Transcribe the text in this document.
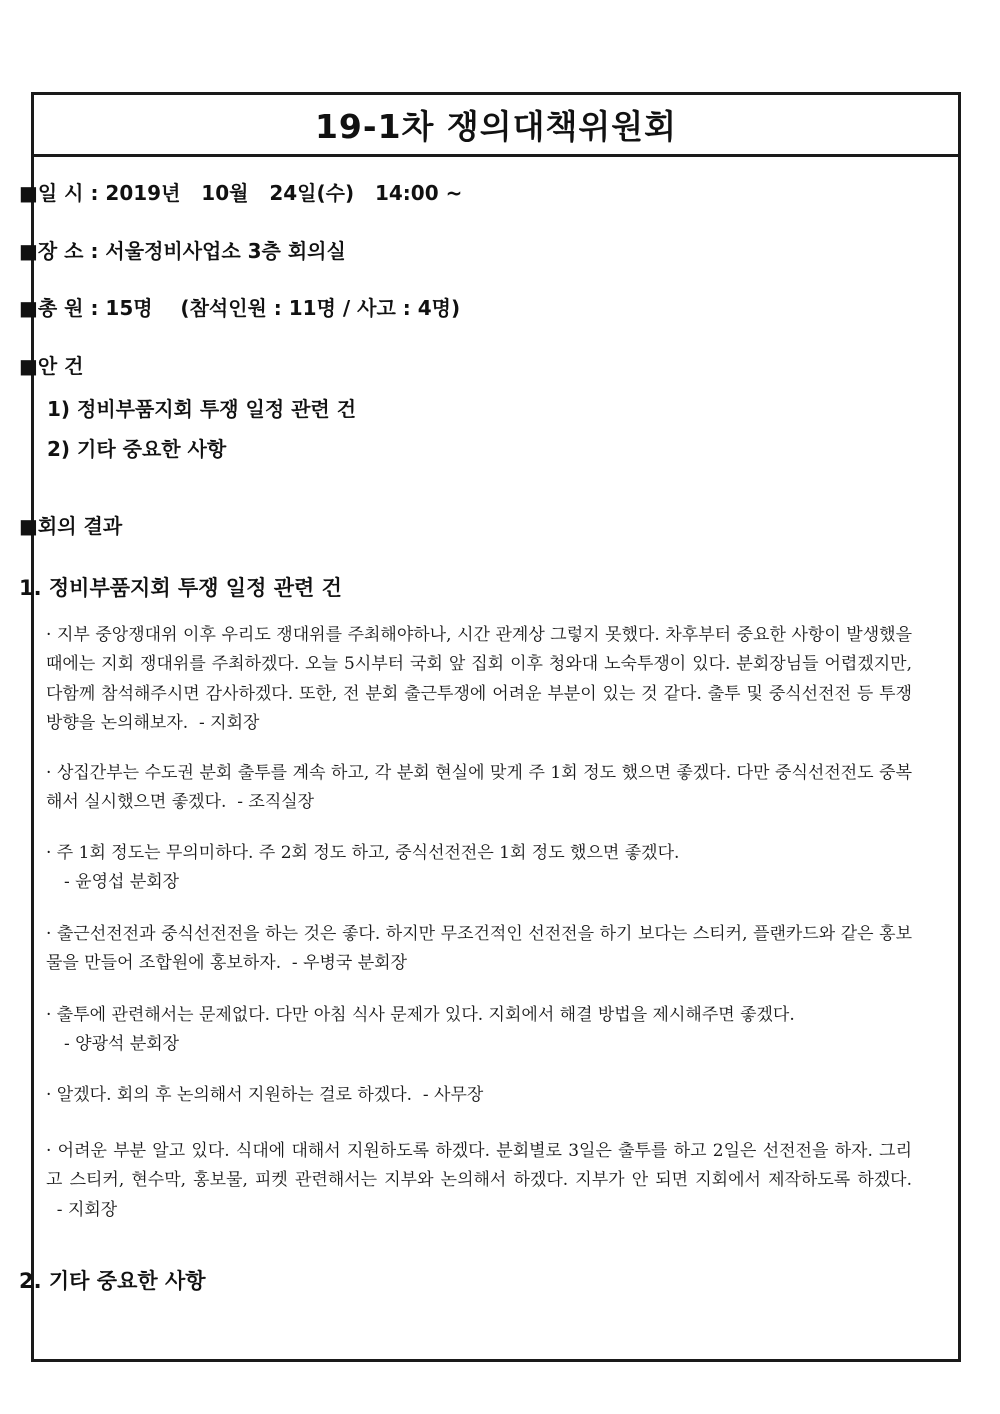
19-1차 쟁의대책위원회
■일 시 : 2019년   10월   24일(수)   14:00 ~
■장 소 : 서울정비사업소 3층 회의실
■총 원 : 15명    (참석인원 : 11명 / 사고 : 4명)
■안 건
1) 정비부품지회 투쟁 일정 관련 건
2) 기타 중요한 사항
■회의 결과
1. 정비부품지회 투쟁 일정 관련 건
· 지부 중앙쟁대위 이후 우리도 쟁대위를 주최해야하나, 시간 관계상 그렇지 못했다. 차후부터 중요한 사항이 발생했을 때에는 지회 쟁대위를 주최하겠다. 오늘 5시부터 국회 앞 집회 이후 청와대 노숙투쟁이 있다. 분회장님들 어렵겠지만, 다함께 참석해주시면 감사하겠다. 또한, 전 분회 출근투쟁에 어려운 부분이 있는 것 같다. 출투 및 중식선전전 등 투쟁 방향을 논의해보자.  - 지회장
· 상집간부는 수도권 분회 출투를 계속 하고, 각 분회 현실에 맞게 주 1회 정도 했으면 좋겠다. 다만 중식선전전도 중복해서 실시했으면 좋겠다.  - 조직실장
· 주 1회 정도는 무의미하다. 주 2회 정도 하고, 중식선전전은 1회 정도 했으면 좋겠다.
- 윤영섭 분회장
· 출근선전전과 중식선전전을 하는 것은 좋다. 하지만 무조건적인 선전전을 하기 보다는 스티커, 플랜카드와 같은 홍보물을 만들어 조합원에 홍보하자.  - 우병국 분회장
· 출투에 관련해서는 문제없다. 다만 아침 식사 문제가 있다. 지회에서 해결 방법을 제시해주면 좋겠다.
- 양광석 분회장
· 알겠다. 회의 후 논의해서 지원하는 걸로 하겠다.  - 사무장
· 어려운 부분 알고 있다. 식대에 대해서 지원하도록 하겠다. 분회별로 3일은 출투를 하고 2일은 선전전을 하자. 그리고 스티커, 현수막, 홍보물, 피켓 관련해서는 지부와 논의해서 하겠다. 지부가 안 되면 지회에서 제작하도록 하겠다.  - 지회장
2. 기타 중요한 사항
